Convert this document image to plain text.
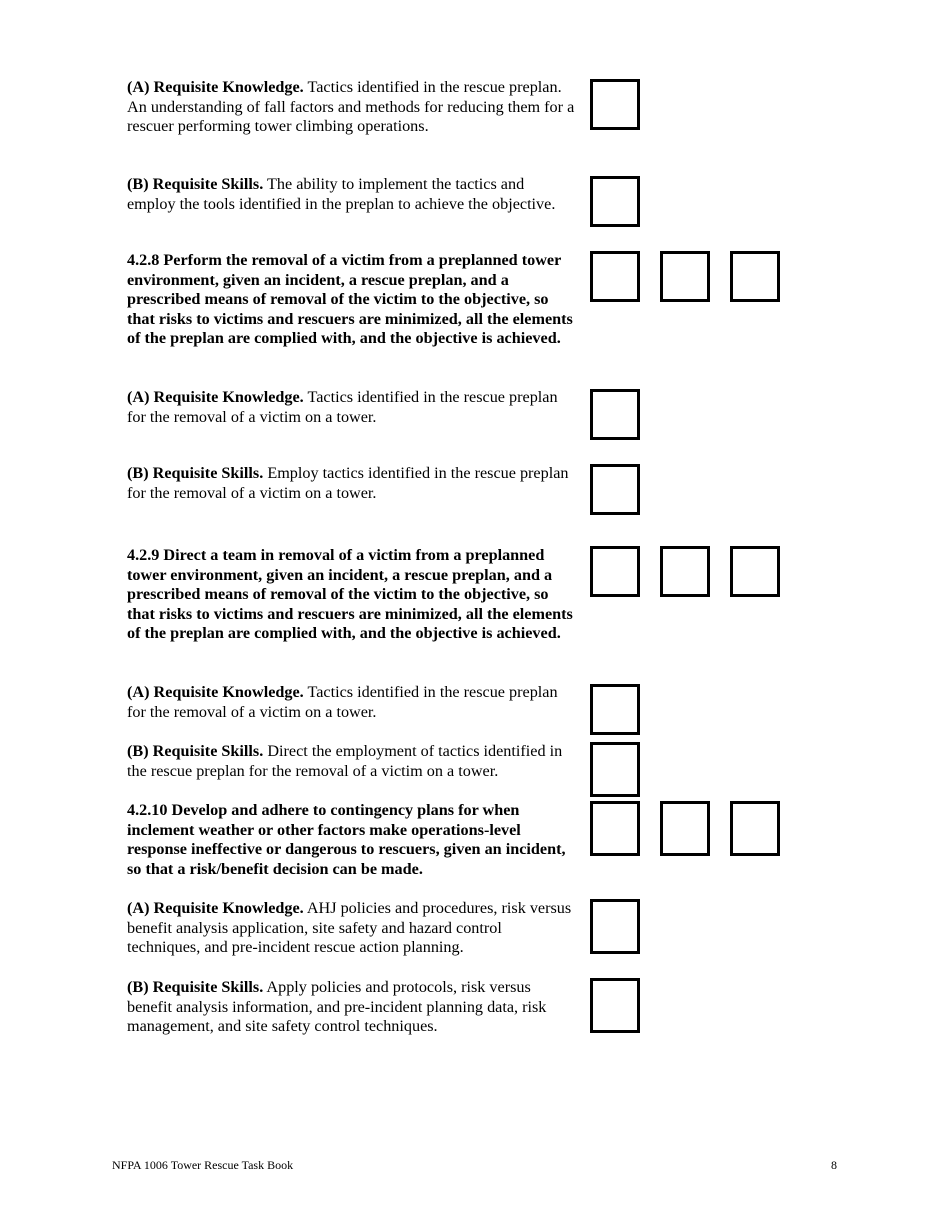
(A) Requisite Knowledge. Tactics identified in the rescue preplan. An understanding of fall factors and methods for reducing them for a rescuer performing tower climbing operations.
(B) Requisite Skills. The ability to implement the tactics and employ the tools identified in the preplan to achieve the objective.
4.2.8 Perform the removal of a victim from a preplanned tower environment, given an incident, a rescue preplan, and a prescribed means of removal of the victim to the objective, so that risks to victims and rescuers are minimized, all the elements of the preplan are complied with, and the objective is achieved.
(A) Requisite Knowledge. Tactics identified in the rescue preplan for the removal of a victim on a tower.
(B) Requisite Skills. Employ tactics identified in the rescue preplan for the removal of a victim on a tower.
4.2.9 Direct a team in removal of a victim from a preplanned tower environment, given an incident, a rescue preplan, and a prescribed means of removal of the victim to the objective, so that risks to victims and rescuers are minimized, all the elements of the preplan are complied with, and the objective is achieved.
(A) Requisite Knowledge. Tactics identified in the rescue preplan for the removal of a victim on a tower.
(B) Requisite Skills. Direct the employment of tactics identified in the rescue preplan for the removal of a victim on a tower.
4.2.10 Develop and adhere to contingency plans for when inclement weather or other factors make operations-level response ineffective or dangerous to rescuers, given an incident, so that a risk/benefit decision can be made.
(A) Requisite Knowledge. AHJ policies and procedures, risk versus benefit analysis application, site safety and hazard control techniques, and pre-incident rescue action planning.
(B) Requisite Skills. Apply policies and protocols, risk versus benefit analysis information, and pre-incident planning data, risk management, and site safety control techniques.
NFPA 1006 Tower Rescue Task Book	8
